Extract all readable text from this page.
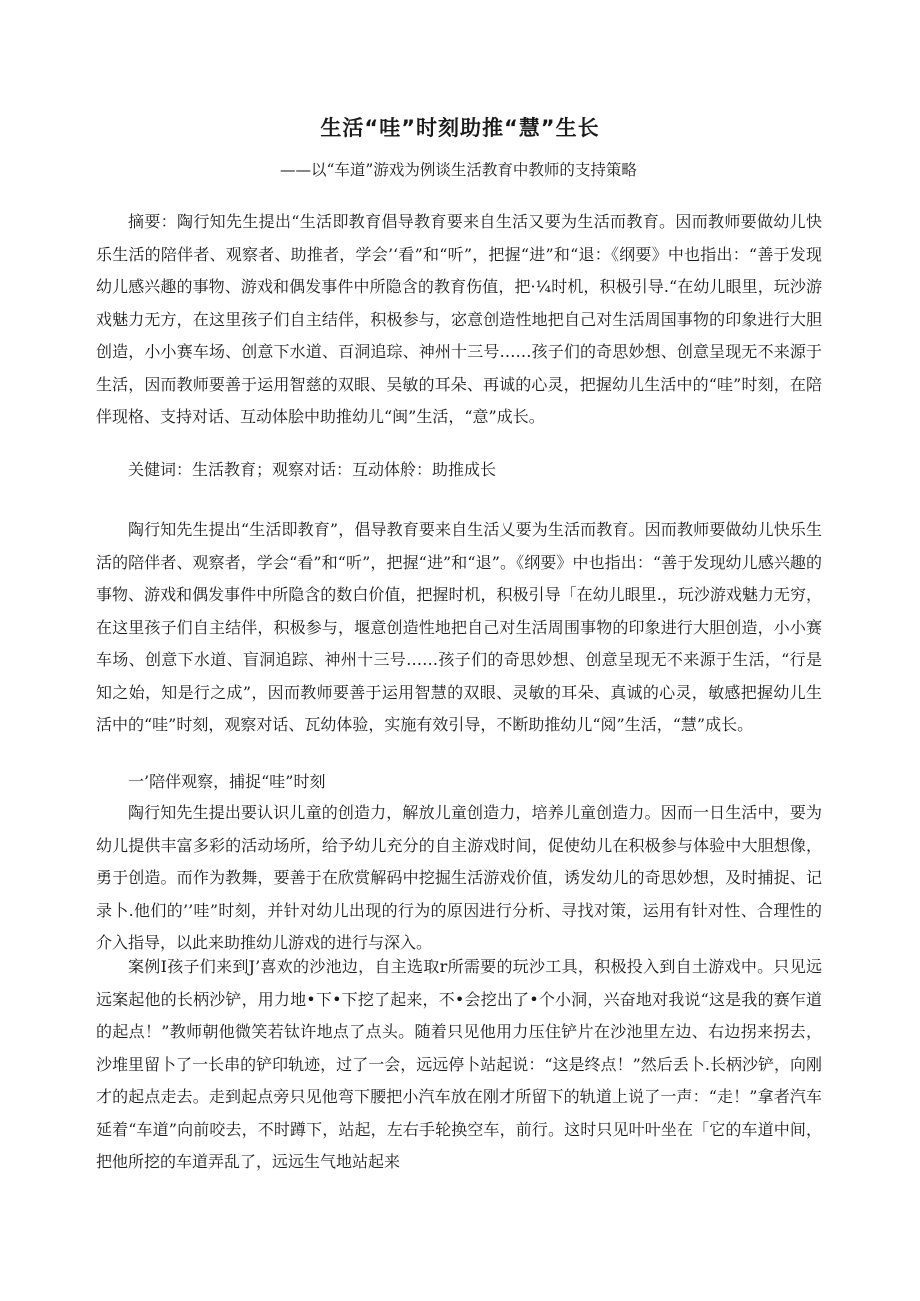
生活“哇”时刻助推“慧”生长

——以“车道”游戏为例谈生活教育中教师的支持策略

摘要：陶行知先生提出“生活即教育倡导教育要来自生活又要为生活而教育。因而教师要做幼儿快乐生活的陪伴者、观察者、助推者，学会’‘看”和“听”，把握“进”和“退：《纲要》中也指出：“善于发现幼儿感兴趣的事物、游戏和偶发事件中所隐含的教育伤值，把·¼时机，积极引导.“在幼儿眼里，玩沙游戏魅力无方，在这里孩子们自主结伴，积极参与，宓意创造性地把自己对生活周国事物的印象进行大胆创造，小小赛车场、创意下水道、百洞追琮、神州十三号……孩子们的奇思妙想、创意呈现无不来源于生活，因而教师要善于运用智慈的双眼、吴敏的耳朵、再诚的心灵，把握幼儿生活中的“哇”时刻，在陪伴现格、支持对话、互动体脍中助推幼儿“闽”生活，“意”成长。

关健词：生活教育；观察对话：互动体舲：助推成长

陶行知先生提出“生活即教育”，倡导教育要来自生活乂要为生活而教育。因而教师要做幼儿快乐生活的陪伴者、观察者，学会“看”和“听”，把握“进”和“退”。《纲要》中也指出：“善于发现幼儿感兴趣的事物、游戏和偶发事件中所隐含的数白价值，把握时机，积极引导「在幼儿眼里.，玩沙游戏魅力无穷，在这里孩子们自主结伴，积极参与，堰意创造性地把自己对生活周围事物的印象进行大胆创造，小小赛车场、创意下水道、盲洞追踪、神州十三号……孩子们的奇思妙想、创意呈现无不来源于生活，“行是知之始，知是行之成”，因而教师要善于运用智慧的双眼、灵敏的耳朵、真诚的心灵，敏感把握幼儿生活中的“哇”时刻，观察对话、瓦幼体验，实施有效引导，不断助推幼儿“阅”生活，“慧”成长。

一’陪伴观察，捕捉“哇”时刻

陶行知先生提出要认识儿童的创造力，解放儿童创造力，培养儿童创造力。因而一日生活中，要为幼儿提供丰富多彩的活动场所，给予幼儿充分的自主游戏时间，促使幼儿在积极参与体验中大胆想像，勇于创造。而作为教舞，要善于在欣赏解码中挖掘生活游戏价值，诱发幼儿的奇思妙想，及时捕捉、记录卜.他们的’’哇”时刻，并针对幼儿出现的行为的原因进行分析、寻找对策，运用有针对性、合理性的介入指导，以此来助推幼儿游戏的进行与深入。

案例Ⅰ孩子们来到J’喜欢的沙池边，自主选取r所需要的玩沙工具，积极投入到自土游戏中。只见远远案起他的长柄沙铲，用力地•下•下挖了起来，不•会挖出了•个小洞，兴奋地对我说“这是我的赛乍道的起点！”教师朝他微笑若钛许地点了点头。随着只见他用力压住铲片在沙池里左边、右边拐来拐去，沙堆里留卜了一长串的铲印轨迹，过了一会，远远停卜站起说：“这是终点！”然后丢卜.长柄沙铲，向刚才的起点走去。走到起点旁只见他弯下腰把小汽车放在刚才所留下的轨道上说了一声：“走！”拿者汽车延着“车道”向前咬去，不时蹲下，站起，左右手轮换空车，前行。这时只见叶叶坐在「它的车道中间，把他所挖的车道弄乱了，远远生气地站起来
